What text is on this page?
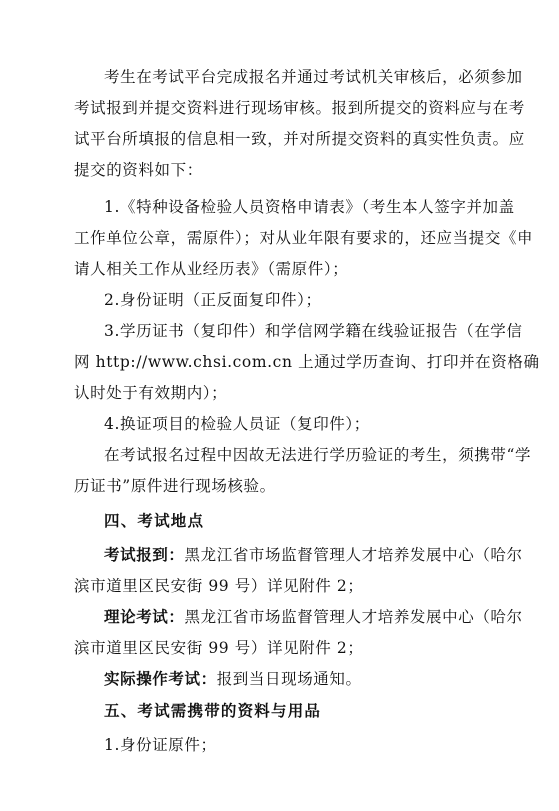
考生在考试平台完成报名并通过考试机关审核后，必须参加
考试报到并提交资料进行现场审核。报到所提交的资料应与在考
试平台所填报的信息相一致，并对所提交资料的真实性负责。应
提交的资料如下：
1.《特种设备检验人员资格申请表》（考生本人签字并加盖
工作单位公章，需原件）；对从业年限有要求的，还应当提交《申
请人相关工作从业经历表》（需原件）；
2.身份证明（正反面复印件）；
3.学历证书（复印件）和学信网学籍在线验证报告（在学信
网 http://www.chsi.com.cn 上通过学历查询、打印并在资格确
认时处于有效期内）；
4.换证项目的检验人员证（复印件）；
在考试报名过程中因故无法进行学历验证的考生，须携带“学
历证书”原件进行现场核验。
四、考试地点
考试报到：黑龙江省市场监督管理人才培养发展中心（哈尔
滨市道里区民安街 99 号）详见附件 2；
理论考试：黑龙江省市场监督管理人才培养发展中心（哈尔
滨市道里区民安街 99 号）详见附件 2；
实际操作考试：报到当日现场通知。
五、考试需携带的资料与用品
1.身份证原件；
